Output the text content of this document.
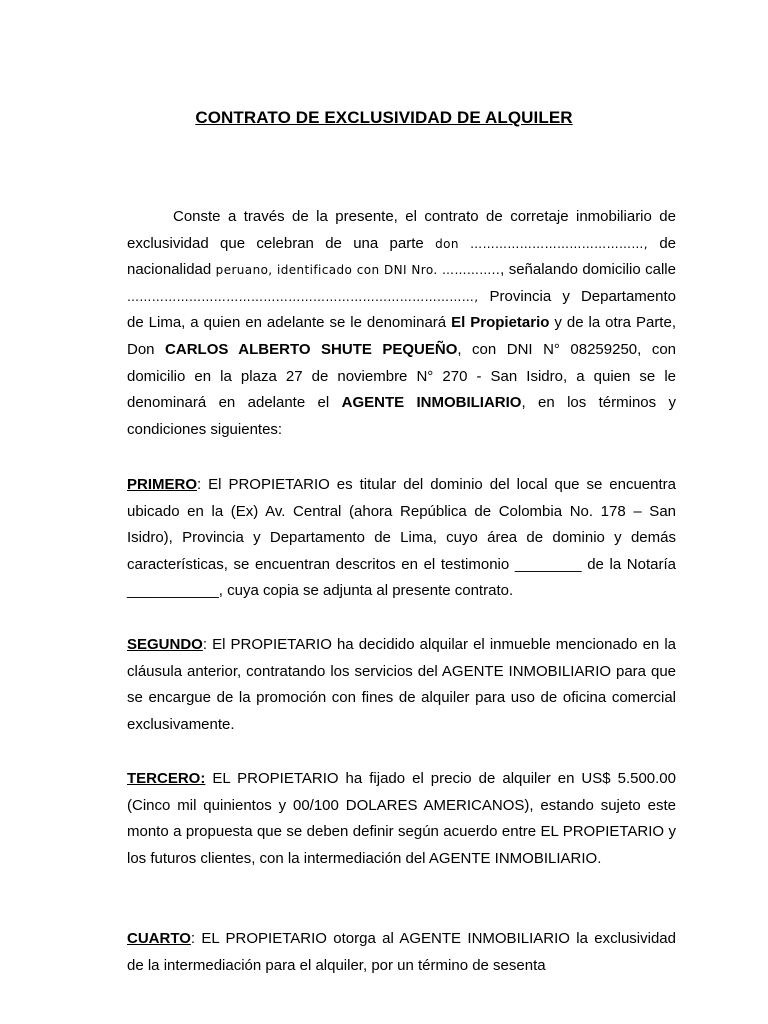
CONTRATO DE EXCLUSIVIDAD DE ALQUILER

Conste a través de la presente, el contrato de corretaje inmobiliario de exclusividad que celebran de una parte don ……………………………………, de nacionalidad peruano, identificado con DNI Nro. ………….., señalando domicilio calle …………………………………………………………………………, Provincia y Departamento de Lima, a quien en adelante se le denominará El Propietario y de la otra Parte, Don CARLOS ALBERTO SHUTE PEQUEÑO, con DNI N° 08259250, con domicilio en la plaza 27 de noviembre N° 270 - San Isidro, a quien se le denominará en adelante el AGENTE INMOBILIARIO, en los términos y condiciones siguientes:

PRIMERO: El PROPIETARIO es titular del dominio del local que se encuentra ubicado en la (Ex) Av. Central (ahora República de Colombia No. 178 – San Isidro), Provincia y Departamento de Lima, cuyo área de dominio y demás características, se encuentran descritos en el testimonio ________ de la Notaría ___________, cuya copia se adjunta al presente contrato.

SEGUNDO: El PROPIETARIO ha decidido alquilar el inmueble mencionado en la cláusula anterior, contratando los servicios del AGENTE INMOBILIARIO para que se encargue de la promoción con fines de alquiler para uso de oficina comercial exclusivamente.

TERCERO: EL PROPIETARIO ha fijado el precio de alquiler en US$ 5.500.00 (Cinco mil quinientos y 00/100 DOLARES AMERICANOS), estando sujeto este monto a propuesta que se deben definir según acuerdo entre EL PROPIETARIO y los futuros clientes, con la intermediación del AGENTE INMOBILIARIO.

CUARTO: EL PROPIETARIO otorga al AGENTE INMOBILIARIO la exclusividad de la intermediación para el alquiler, por un término de sesenta
